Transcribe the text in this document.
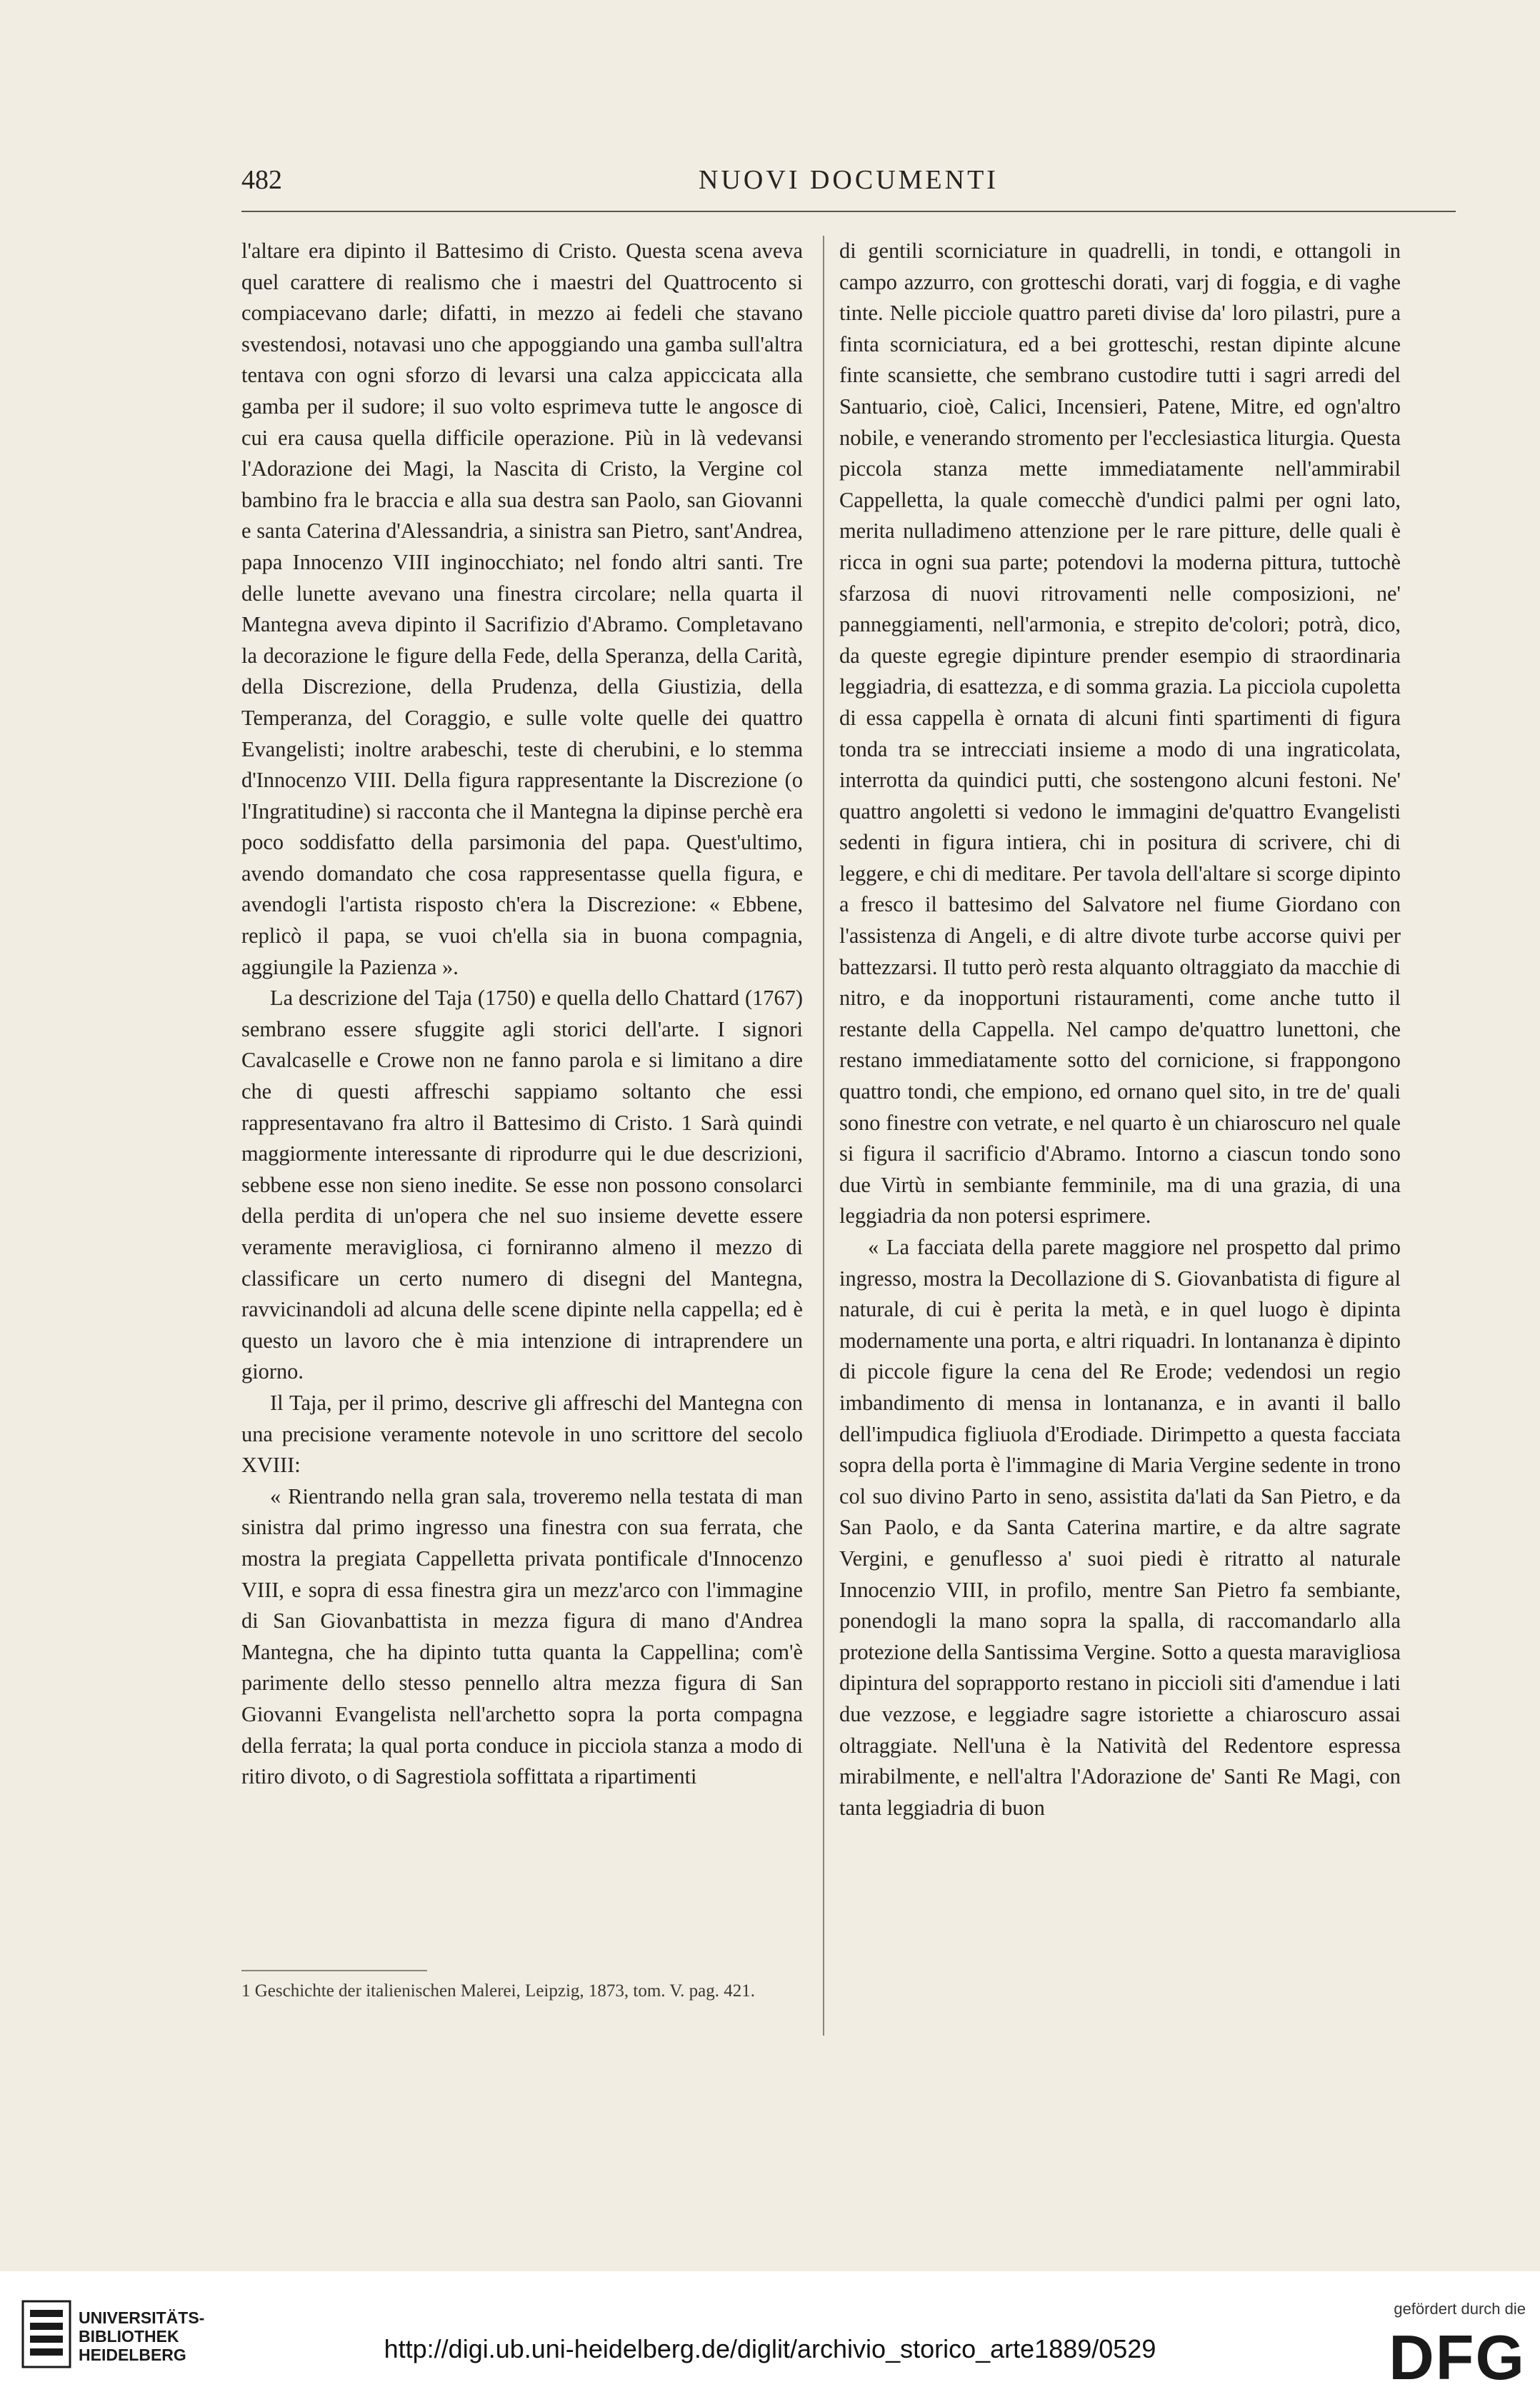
482	NUOVI DOCUMENTI

l'altare era dipinto il Battesimo di Cristo. Questa scena aveva quel carattere di realismo che i maestri del Quattrocento si compiacevano darle; difatti, in mezzo ai fedeli che stavano svestendosi, notavasi uno che appoggiando una gamba sull'altra tentava con ogni sforzo di levarsi una calza appiccicata alla gamba per il sudore; il suo volto esprimeva tutte le angosce di cui era causa quella difficile operazione. Più in là vedevansi l'Adorazione dei Magi, la Nascita di Cristo, la Vergine col bambino fra le braccia e alla sua destra san Paolo, san Giovanni e santa Caterina d'Alessandria, a sinistra san Pietro, sant'Andrea, papa Innocenzo VIII inginocchiato; nel fondo altri santi. Tre delle lunette avevano una finestra circolare; nella quarta il Mantegna aveva dipinto il Sacrifizio d'Abramo. Completavano la decorazione le figure della Fede, della Speranza, della Carità, della Discrezione, della Prudenza, della Giustizia, della Temperanza, del Coraggio, e sulle volte quelle dei quattro Evangelisti; inoltre arabeschi, teste di cherubini, e lo stemma d'Innocenzo VIII. Della figura rappresentante la Discrezione (o l'Ingratitudine) si racconta che il Mantegna la dipinse perchè era poco soddisfatto della parsimonia del papa. Quest'ultimo, avendo domandato che cosa rappresentasse quella figura, e avendogli l'artista risposto ch'era la Discrezione: « Ebbene, replicò il papa, se vuoi ch'ella sia in buona compagnia, aggiungile la Pazienza ».

La descrizione del Taja (1750) e quella dello Chattard (1767) sembrano essere sfuggite agli storici dell'arte. I signori Cavalcaselle e Crowe non ne fanno parola e si limitano a dire che di questi affreschi sappiamo soltanto che essi rappresentavano fra altro il Battesimo di Cristo. 1 Sarà quindi maggiormente interessante di riprodurre qui le due descrizioni, sebbene esse non sieno inedite. Se esse non possono consolarci della perdita di un'opera che nel suo insieme devette essere veramente meravigliosa, ci forniranno almeno il mezzo di classificare un certo numero di disegni del Mantegna, ravvicinandoli ad alcuna delle scene dipinte nella cappella; ed è questo un lavoro che è mia intenzione di intraprendere un giorno.

Il Taja, per il primo, descrive gli affreschi del Mantegna con una precisione veramente notevole in uno scrittore del secolo XVIII:

« Rientrando nella gran sala, troveremo nella testata di man sinistra dal primo ingresso una finestra con sua ferrata, che mostra la pregiata Cappelletta privata pontificale d'Innocenzo VIII, e sopra di essa finestra gira un mezz'arco con l'immagine di San Giovanbattista in mezza figura di mano d'Andrea Mantegna, che ha dipinto tutta quanta la Cappellina; com'è parimente dello stesso pennello altra mezza figura di San Giovanni Evangelista nell'archetto sopra la porta compagna della ferrata; la qual porta conduce in picciola stanza a modo di ritiro divoto, o di Sagrestiola soffittata a ripartimenti

di gentili scorniciature in quadrelli, in tondi, e ottangoli in campo azzurro, con grotteschi dorati, varj di foggia, e di vaghe tinte. Nelle picciole quattro pareti divise da' loro pilastri, pure a finta scorniciatura, ed a bei grotteschi, restan dipinte alcune finte scansiette, che sembrano custodire tutti i sagri arredi del Santuario, cioè, Calici, Incensieri, Patene, Mitre, ed ogn'altro nobile, e venerando stromento per l'ecclesiastica liturgia. Questa piccola stanza mette immediatamente nell'ammirabil Cappelletta, la quale comecchè d'undici palmi per ogni lato, merita nulladimeno attenzione per le rare pitture, delle quali è ricca in ogni sua parte; potendovi la moderna pittura, tuttochè sfarzosa di nuovi ritrovamenti nelle composizioni, ne' panneggiamenti, nell'armonia, e strepito de'colori; potrà, dico, da queste egregie dipinture prender esempio di straordinaria leggiadria, di esattezza, e di somma grazia. La picciola cupoletta di essa cappella è ornata di alcuni finti spartimenti di figura tonda tra se intrecciati insieme a modo di una ingraticolata, interrotta da quindici putti, che sostengono alcuni festoni. Ne' quattro angoletti si vedono le immagini de'quattro Evangelisti sedenti in figura intiera, chi in positura di scrivere, chi di leggere, e chi di meditare. Per tavola dell'altare si scorge dipinto a fresco il battesimo del Salvatore nel fiume Giordano con l'assistenza di Angeli, e di altre divote turbe accorse quivi per battezzarsi. Il tutto però resta alquanto oltraggiato da macchie di nitro, e da inopportuni ristauramenti, come anche tutto il restante della Cappella. Nel campo de'quattro lunettoni, che restano immediatamente sotto del cornicione, si frappongono quattro tondi, che empiono, ed ornano quel sito, in tre de' quali sono finestre con vetrate, e nel quarto è un chiaroscuro nel quale si figura il sacrificio d'Abramo. Intorno a ciascun tondo sono due Virtù in sembiante femminile, ma di una grazia, di una leggiadria da non potersi esprimere.

« La facciata della parete maggiore nel prospetto dal primo ingresso, mostra la Decollazione di S. Giovanbatista di figure al naturale, di cui è perita la metà, e in quel luogo è dipinta modernamente una porta, e altri riquadri. In lontananza è dipinto di piccole figure la cena del Re Erode; vedendosi un regio imbandimento di mensa in lontananza, e in avanti il ballo dell'impudica figliuola d'Erodiade. Dirimpetto a questa facciata sopra della porta è l'immagine di Maria Vergine sedente in trono col suo divino Parto in seno, assistita da'lati da San Pietro, e da San Paolo, e da Santa Caterina martire, e da altre sagrate Vergini, e genuflesso a' suoi piedi è ritratto al naturale Innocenzio VIII, in profilo, mentre San Pietro fa sembiante, ponendogli la mano sopra la spalla, di raccomandarlo alla protezione della Santissima Vergine. Sotto a questa maravigliosa dipintura del soprapporto restano in piccioli siti d'amendue i lati due vezzose, e leggiadre sagre istoriette a chiaroscuro assai oltraggiate. Nell'una è la Natività del Redentore espressa mirabilmente, e nell'altra l'Adorazione de' Santi Re Magi, con tanta leggiadria di buon

1 Geschichte der italienischen Malerei, Leipzig, 1873, tom. V. pag. 421.
UNIVERSITÄTS-
BIBLIOTHEK
HEIDELBERG	http://digi.ub.uni-heidelberg.de/diglit/archivio_storico_arte1889/0529
gefördert durch die
DFG
